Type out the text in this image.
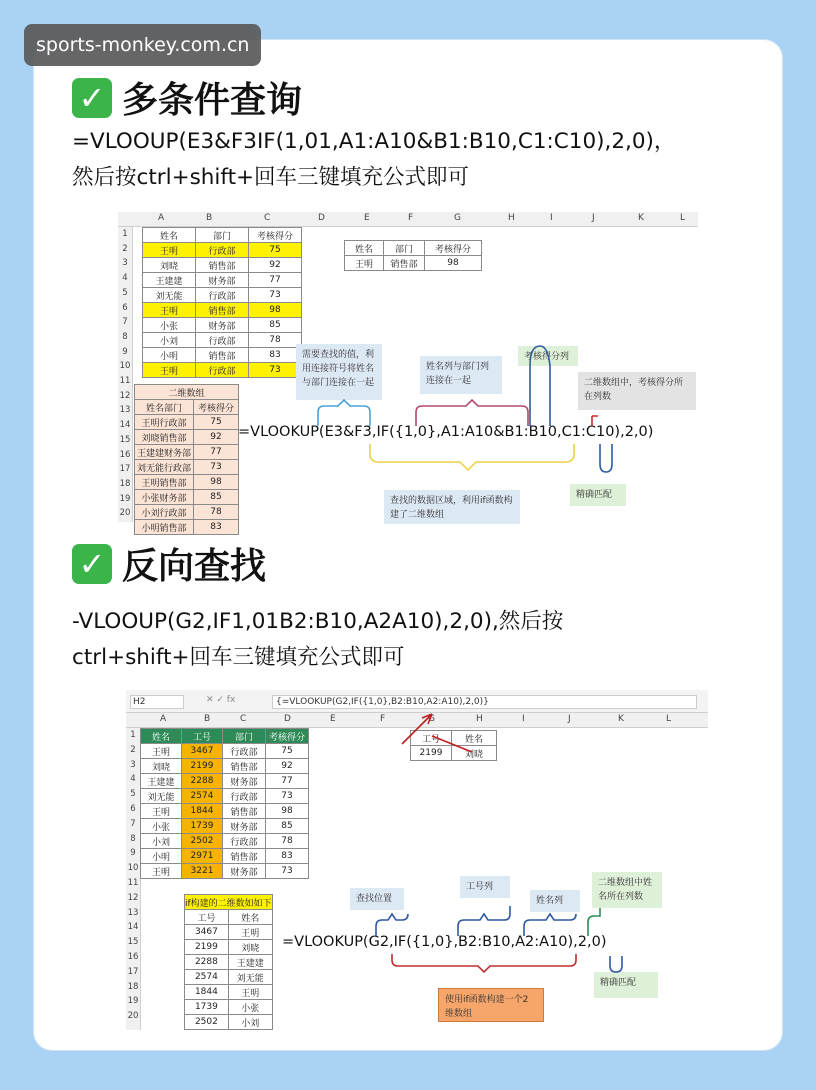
sports-monkey.com.cn
✓ 多条件查询
=VLOOUP(E3&F3IF(1,01,A1:A10&B1:B10,C1:C10),2,0)，
然后按ctrl+shift+回车三键填充公式即可
A	B	C	D	E	F	G	H	I	J	K	L
1
2
3
4
5
6
7
8
9
10
11
12
13
14
15
16
17
18
19
20
姓名	部门	考核得分
王明	行政部	75
刘晓	销售部	92
王建建	财务部	77
刘无能	行政部	73
王明	销售部	98
小张	财务部	85
小刘	行政部	78
小明	销售部	83
王明	行政部	73
姓名	部门	考核得分
王明	销售部	98
二维数组	
姓名部门	考核得分
王明行政部	75
刘晓销售部	92
王建建财务部	77
刘无能行政部	73
王明销售部	98
小张财务部	85
小刘行政部	78
小明销售部	83
需要查找的值，利用连接符号将姓名与部门连接在一起
姓名列与部门列连接在一起
考核得分列
二维数组中，考核得分所在列数
查找的数据区域，利用if函数构建了二维数组
精确匹配
=VLOOKUP(E3&F3,IF({1,0},A1:A10&B1:B10,C1:C10),2,0)
✓ 反向查找
-VLOOUP(G2,IF1,01B2:B10,A2A10),2,0),然后按
ctrl+shift+回车三键填充公式即可
H2	✕ ✓ fx	{=VLOOKUP(G2,IF({1,0},B2:B10,A2:A10),2,0)}
A	B	C	D	E	F	G	H	I	J	K	L
1
2
3
4
5
6
7
8
9
10
11
12
13
14
15
16
17
18
19
20
姓名	工号	部门	考核得分
王明	3467	行政部	75
刘晓	2199	销售部	92
王建建	2288	财务部	77
刘无能	2574	行政部	73
王明	1844	销售部	98
小张	1739	财务部	85
小刘	2502	行政部	78
小明	2971	销售部	83
王明	3221	财务部	73
工号	姓名
2199	刘晓
if构建的二维数如如下	
工号	姓名
3467	王明
2199	刘晓
2288	王建建
2574	刘无能
1844	王明
1739	小张
2502	小刘
查找位置
工号列
姓名列
二维数组中姓名所在列数
使用if函数构建一个2维数组
精确匹配
=VLOOKUP(G2,IF({1,0},B2:B10,A2:A10),2,0)
